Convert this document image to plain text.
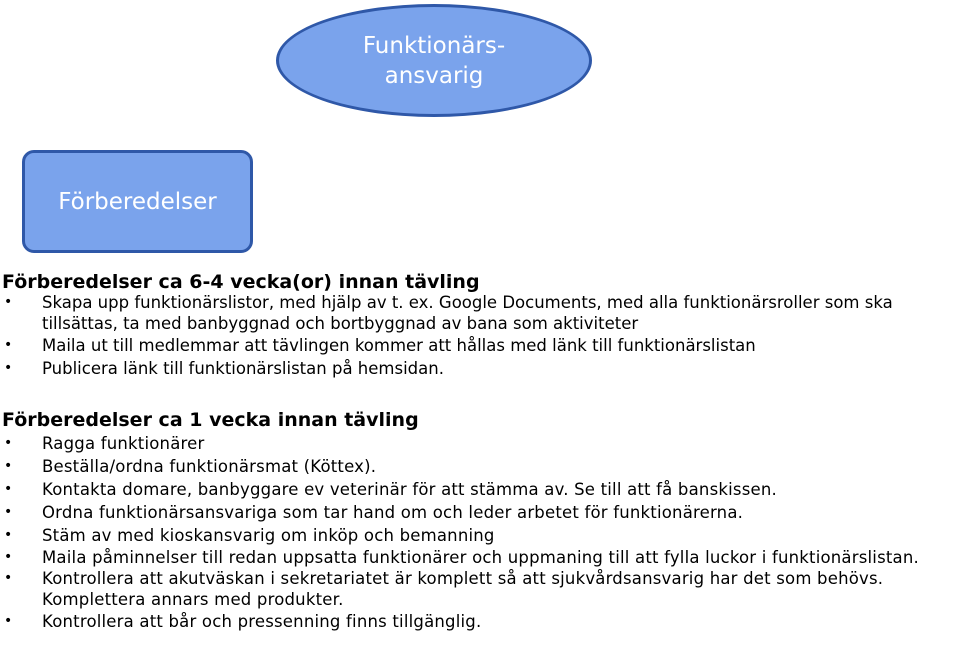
Funktionärs-
ansvarig
Förberedelser
Förberedelser ca 6-4 vecka(or) innan tävling
• Skapa upp funktionärslistor, med hjälp av t. ex. Google Documents, med alla funktionärsroller som ska tillsättas, ta med banbyggnad och bortbyggnad av bana som aktiviteter
• Maila ut till medlemmar att tävlingen kommer att hållas med länk till funktionärslistan
• Publicera länk till funktionärslistan på hemsidan.
Förberedelser ca 1 vecka innan tävling
• Ragga funktionärer
• Beställa/ordna funktionärsmat (Köttex).
• Kontakta domare, banbyggare ev veterinär för att stämma av. Se till att få banskissen.
• Ordna funktionärsansvariga som tar hand om och leder arbetet för funktionärerna.
• Stäm av med kioskansvarig om inköp och bemanning
• Maila påminnelser till redan uppsatta funktionärer och uppmaning till att fylla luckor i funktionärslistan.
• Kontrollera att akutväskan i sekretariatet är komplett så att sjukvårdsansvarig har det som behövs. Komplettera annars med produkter.
• Kontrollera att bår och pressenning finns tillgänglig.
